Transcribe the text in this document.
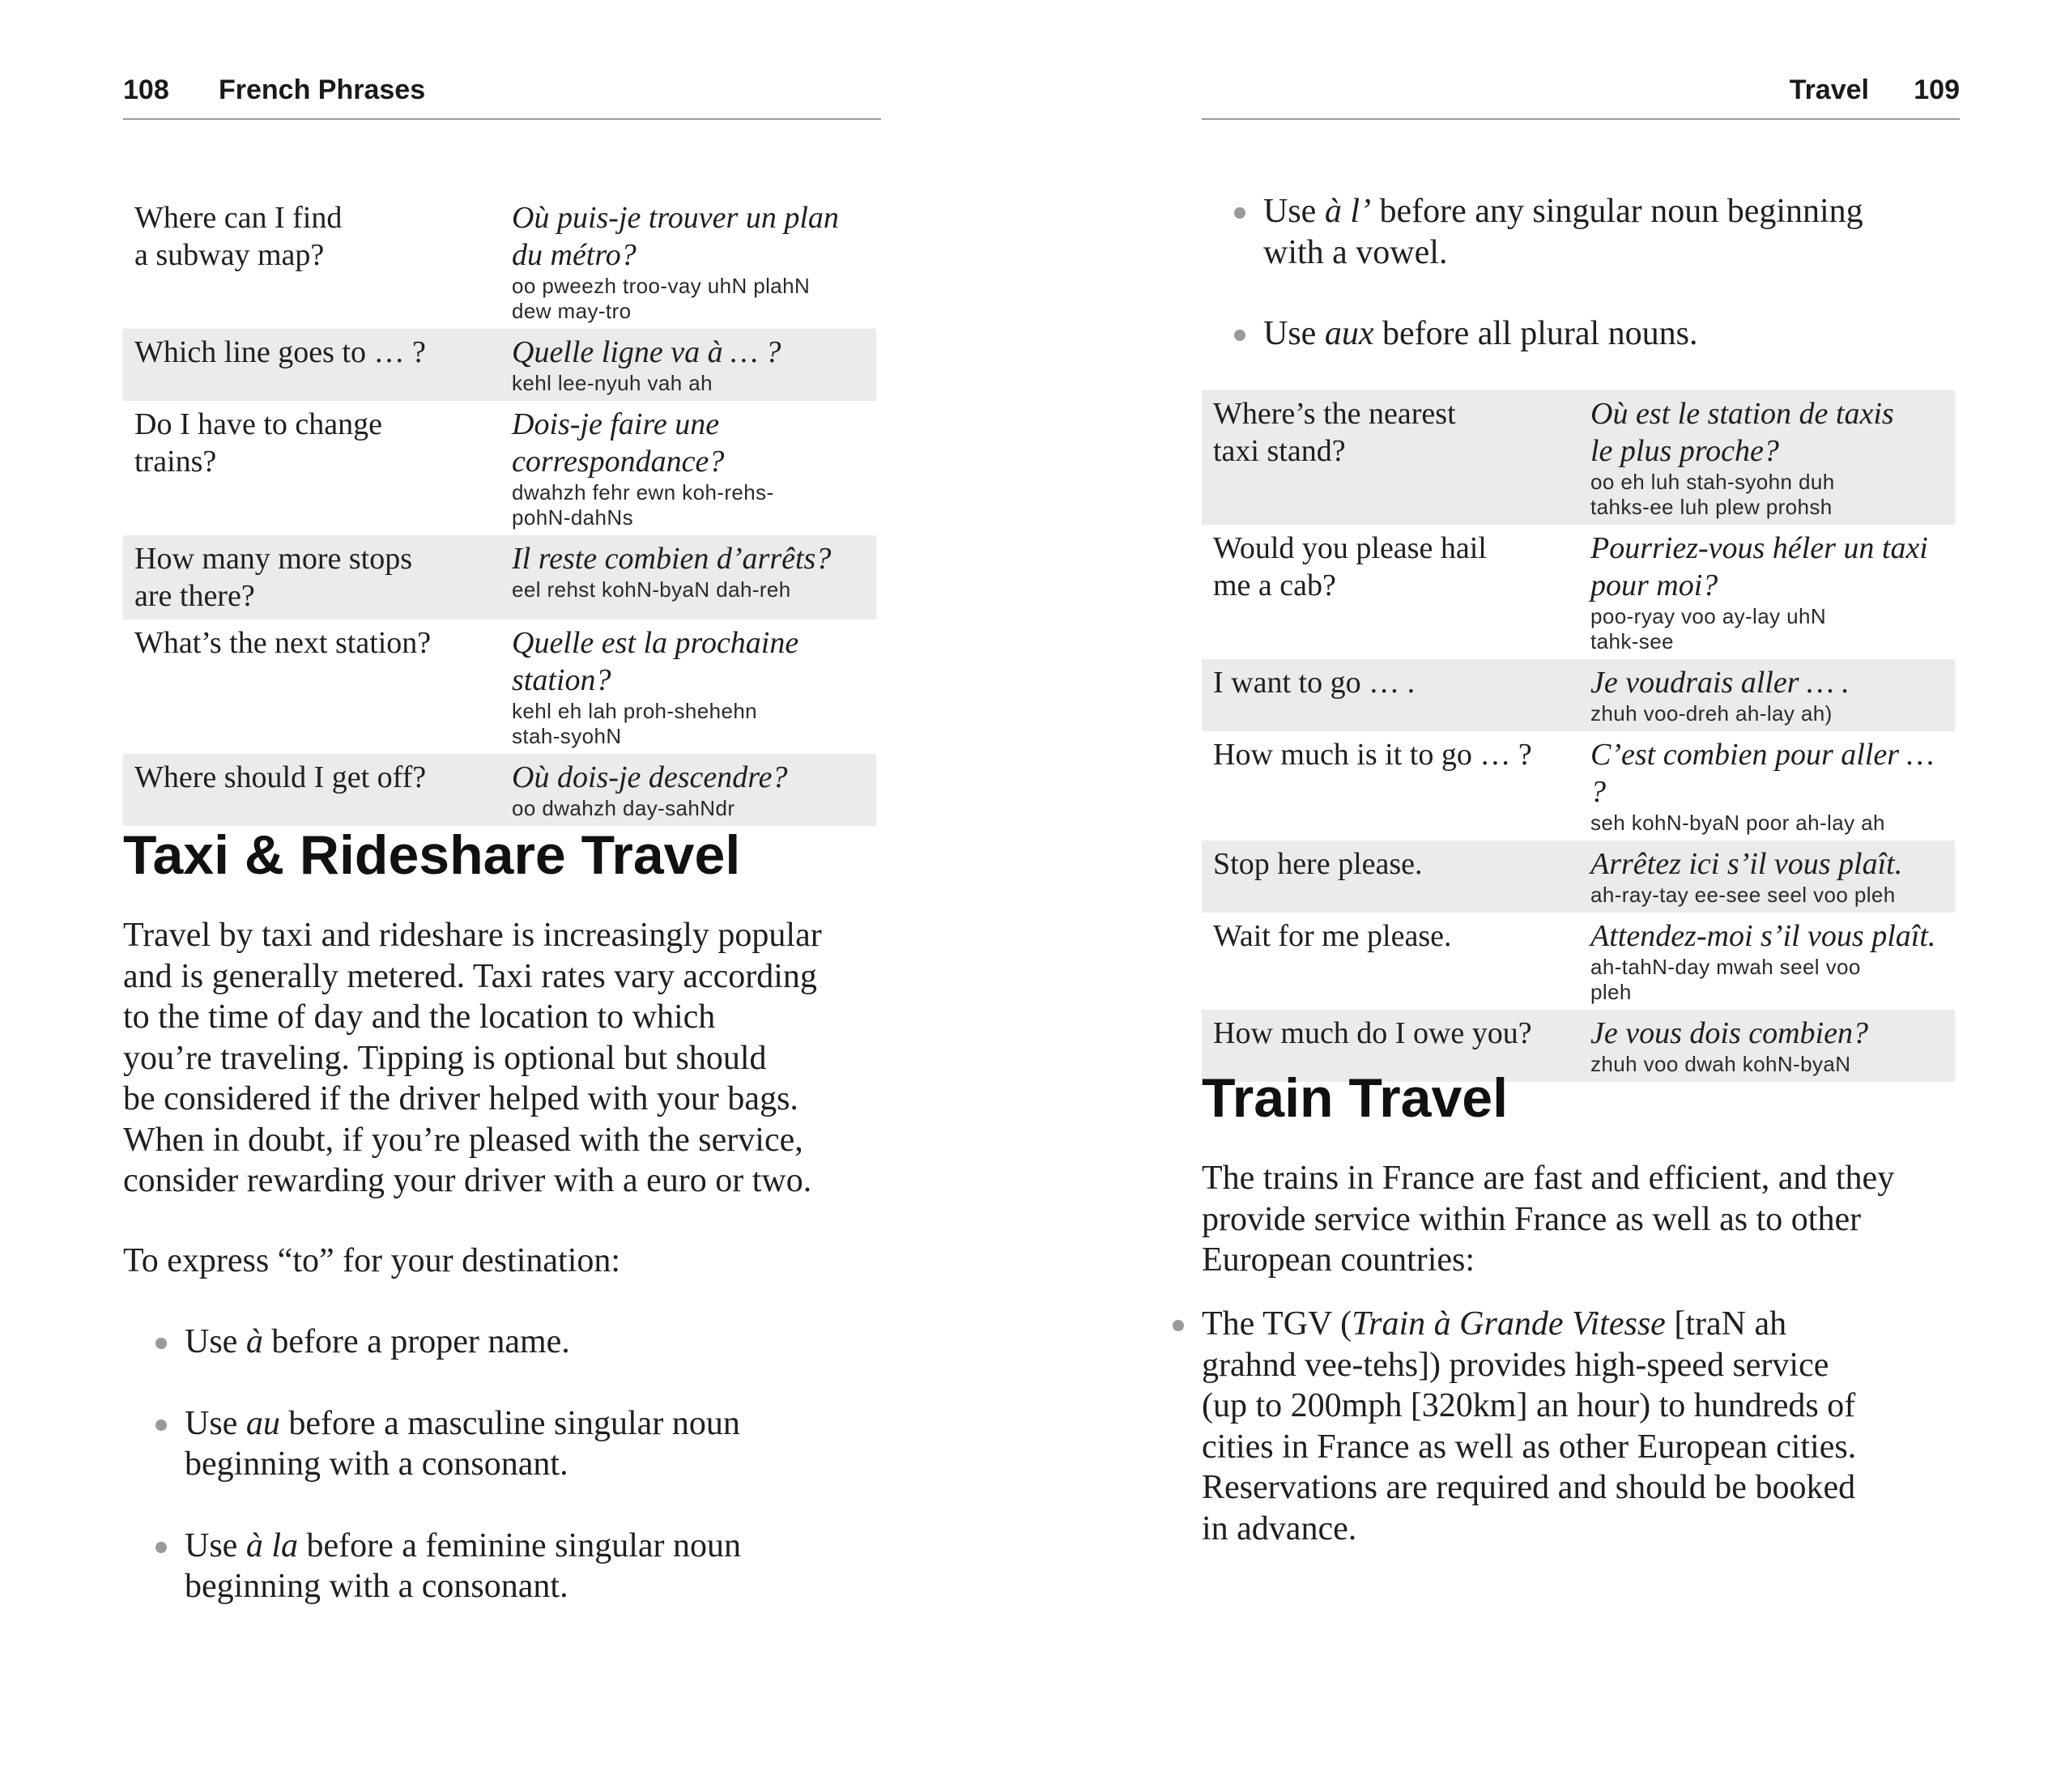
108 French Phrases
Where can I find
a subway map?	Où puis-je trouver un plan
du métro?
oo pweezh troo-vay uhN plahN
dew may-tro

Which line goes to … ?	Quelle ligne va à … ?
kehl lee-nyuh vah ah

Do I have to change
trains?	Dois-je faire une
correspondance?
dwahzh fehr ewn koh-rehs-
pohN-dahNs

How many more stops
are there?	Il reste combien d’arrêts?
eel rehst kohN-byaN dah-reh

What’s the next station?	Quelle est la prochaine station?
kehl eh lah proh-shehehn
stah-syohN

Where should I get off?	Où dois-je descendre?
oo dwahzh day-sahNdr
Taxi & Rideshare Travel

Travel by taxi and rideshare is increasingly popular
and is generally metered. Taxi rates vary according
to the time of day and the location to which
you’re traveling. Tipping is optional but should
be considered if the driver helped with your bags.
When in doubt, if you’re pleased with the service,
consider rewarding your driver with a euro or two.

To express “to” for your destination:

Use à before a proper name.
Use au before a masculine singular noun
beginning with a consonant.
Use à la before a feminine singular noun
beginning with a consonant.
Travel 109
Use à l’ before any singular noun beginning
with a vowel.
Use aux before all plural nouns.
Where’s the nearest
taxi stand?	Où est le station de taxis
le plus proche?
oo eh luh stah-syohn duh
tahks-ee luh plew prohsh

Would you please hail
me a cab?	Pourriez-vous héler un taxi
pour moi?
poo-ryay voo ay-lay uhN
tahk-see

I want to go … .	Je voudrais aller … .
zhuh voo-dreh ah-lay ah)

How much is it to go … ?	C’est combien pour aller … ?
seh kohN-byaN poor ah-lay ah

Stop here please.	Arrêtez ici s’il vous plaît.
ah-ray-tay ee-see seel voo pleh

Wait for me please.	Attendez-moi s’il vous plaît.
ah-tahN-day mwah seel voo
pleh

How much do I owe you?	Je vous dois combien?
zhuh voo dwah kohN-byaN
Train Travel

The trains in France are fast and efficient, and they
provide service within France as well as to other
European countries:

The TGV (Train à Grande Vitesse [traN ah
grahnd vee-tehs]) provides high-speed service
(up to 200mph [320km] an hour) to hundreds of
cities in France as well as other European cities.
Reservations are required and should be booked
in advance.
